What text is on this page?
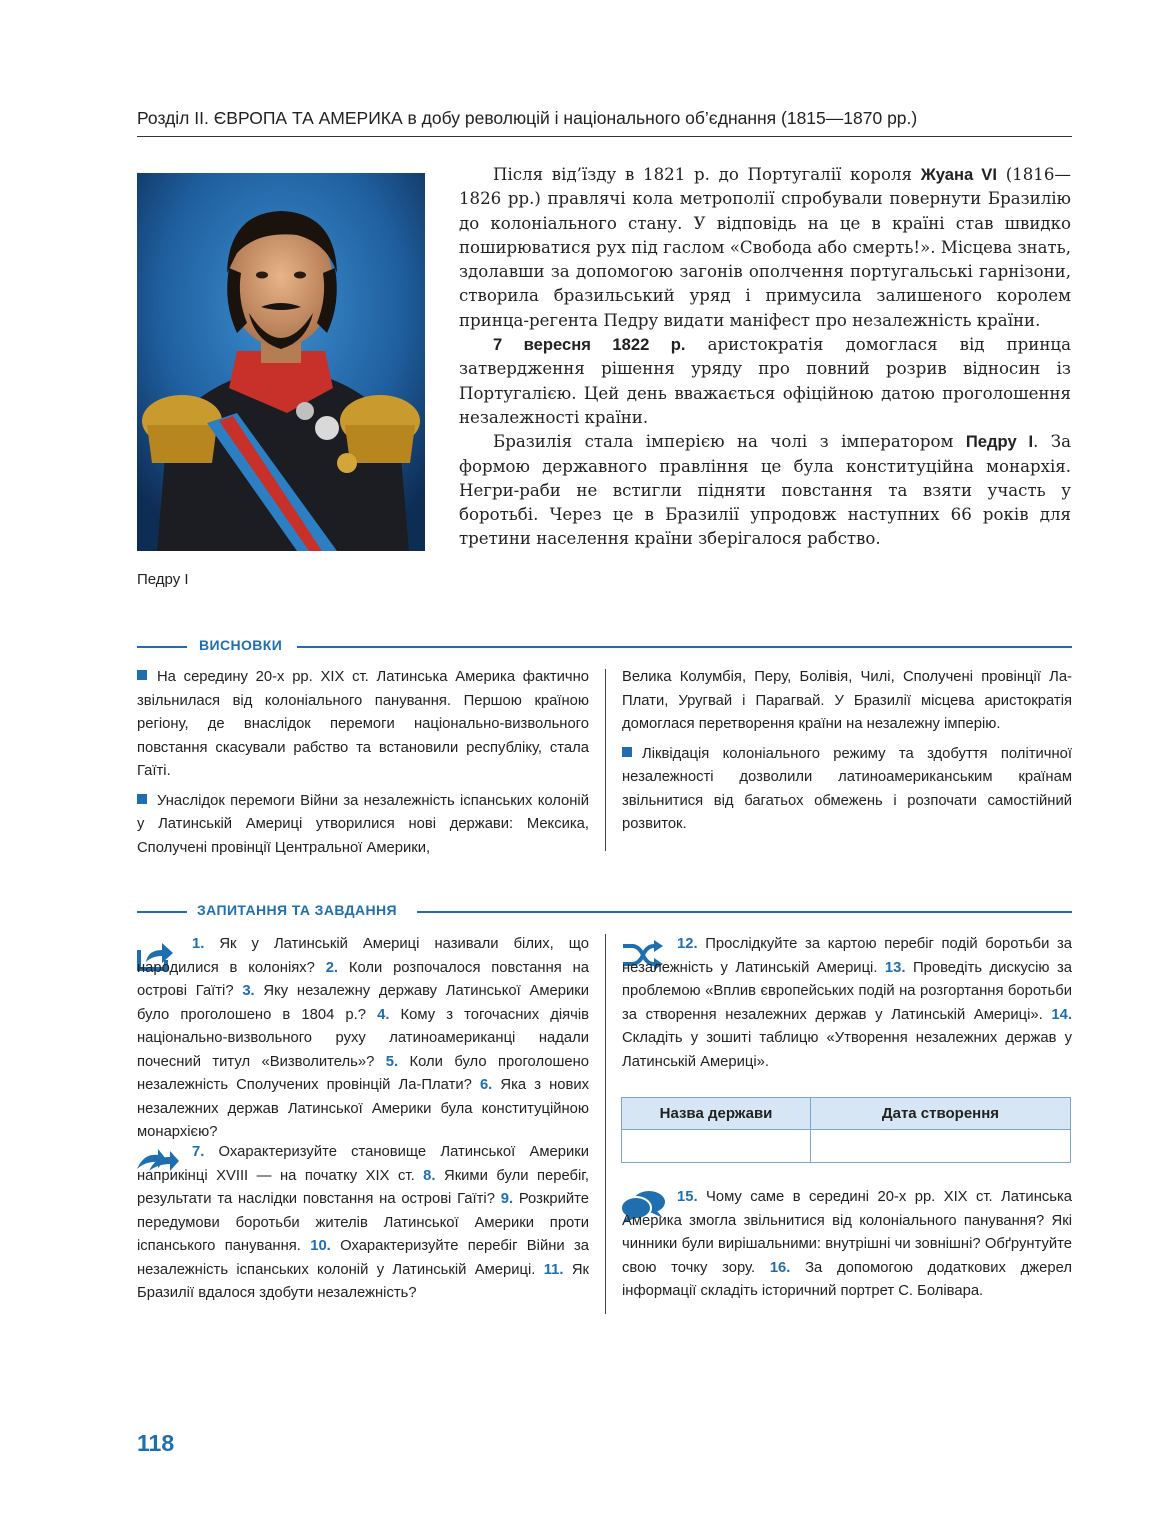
Розділ ІІ. ЄВРОПА ТА АМЕРИКА в добу революцій і національного об’єднання (1815—1870 рр.)
Педру І

Після від’їзду в 1821 р. до Португалії короля Жуана VI (1816—1826 рр.) правлячі кола метрополії спробували повернути Бразилію до колоніального стану. У відповідь на це в країні став швидко поширюватися рух під гаслом «Свобода або смерть!». Місцева знать, здолавши за допомогою загонів ополчення португальські гарнізони, створила бразильський уряд і примусила залишеного королем принца-регента Педру видати маніфест про незалежність країни.

7 вересня 1822 р. аристократія домоглася від принца затвердження рішення уряду про повний розрив відносин із Португалією. Цей день вважається офіційною датою проголошення незалежності країни.

Бразилія стала імперією на чолі з імператором Педру І. За формою державного правління це була конституційна монархія. Негри-раби не встигли підняти повстання та взяти участь у боротьбі. Через це в Бразилії упродовж наступних 66 років для третини населення країни зберігалося рабство.

ВИСНОВКИ

На середину 20-х рр. ХІХ ст. Латинська Америка фактично звільнилася від колоніального панування. Першою країною регіону, де внаслідок перемоги національно-визвольного повстання скасували рабство та встановили республіку, стала Гаїті.

Унаслідок перемоги Війни за незалежність іспанських колоній у Латинській Америці утворилися нові держави: Мексика, Сполучені провінції Центральної Америки,

Велика Колумбія, Перу, Болівія, Чилі, Сполучені провінції Ла-Плати, Уругвай і Парагвай. У Бразилії місцева аристократія домоглася перетворення країни на незалежну імперію.

Ліквідація колоніального режиму та здобуття політичної незалежності дозволили латиноамериканським країнам звільнитися від багатьох обмежень і розпочати самостійний розвиток.

ЗАПИТАННЯ ТА ЗАВДАННЯ

1. Як у Латинській Америці називали білих, що народилися в колоніях? 2. Коли розпочалося повстання на острові Гаїті? 3. Яку незалежну державу Латинської Америки було проголошено в 1804 р.? 4. Кому з тогочасних діячів національно-визвольного руху латиноамериканці надали почесний титул «Визволитель»? 5. Коли було проголошено незалежність Сполучених провінцій Ла-Плати? 6. Яка з нових незалежних держав Латинської Америки була конституційною монархією?

7. Охарактеризуйте становище Латинської Америки наприкінці XVIII — на початку ХІХ ст. 8. Якими були перебіг, результати та наслідки повстання на острові Гаїті? 9. Розкрийте передумови боротьби жителів Латинської Америки проти іспанського панування. 10. Охарактеризуйте перебіг Війни за незалежність іспанських колоній у Латинській Америці. 11. Як Бразилії вдалося здобути незалежність?

12. Прослідкуйте за картою перебіг подій боротьби за незалежність у Латинській Америці. 13. Проведіть дискусію за проблемою «Вплив європейських подій на розгортання боротьби за створення незалежних держав у Латинській Америці». 14. Складіть у зошиті таблицю «Утворення незалежних держав у Латинській Америці».

Назва держави	Дата створення

15. Чому саме в середині 20-х рр. ХІХ ст. Латинська Америка змогла звільнитися від колоніального панування? Які чинники були вирішальними: внутрішні чи зовнішні? Обґрунтуйте свою точку зору. 16. За допомогою додаткових джерел інформації складіть історичний портрет С. Болівара.

118
